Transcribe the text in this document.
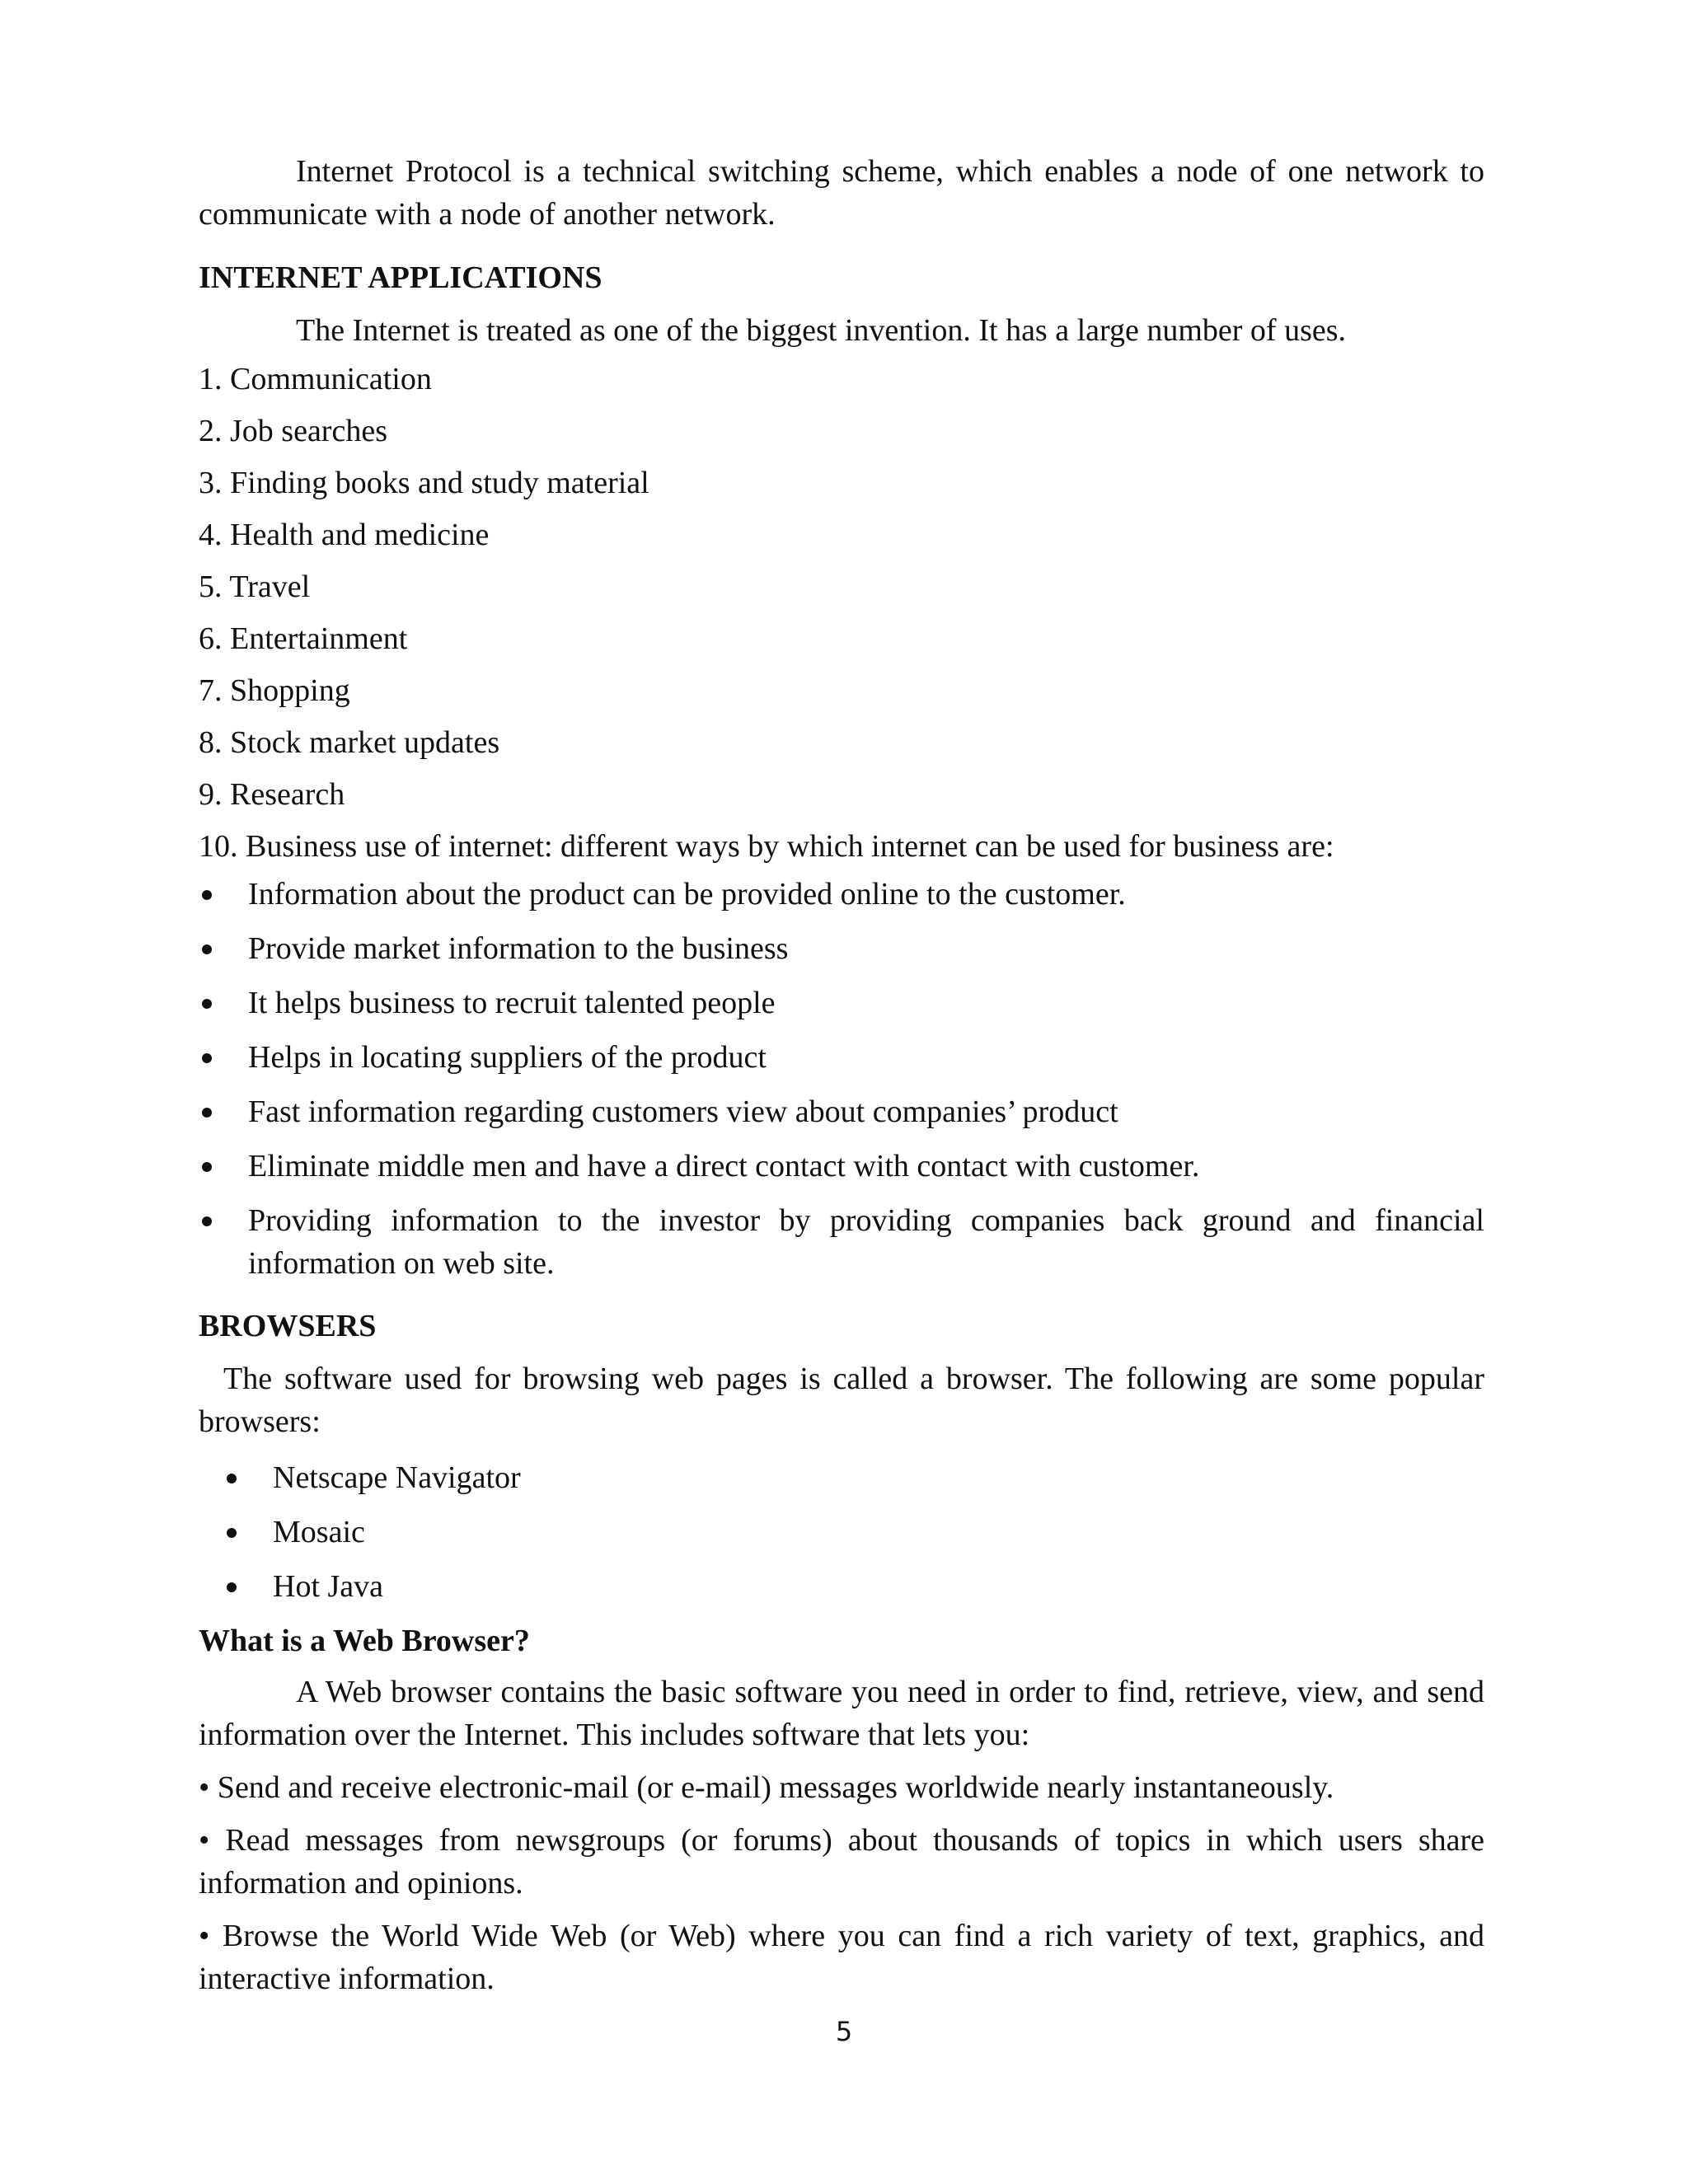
Internet Protocol is a technical switching scheme, which enables a node of one network to communicate with a node of another network.

INTERNET APPLICATIONS

The Internet is treated as one of the biggest invention. It has a large number of uses.

1. Communication

2. Job searches

3. Finding books and study material

4. Health and medicine

5. Travel

6. Entertainment

7. Shopping

8. Stock market updates

9. Research

10. Business use of internet: different ways by which internet can be used for business are:

Information about the product can be provided online to the customer.
Provide market information to the business
It helps business to recruit talented people
Helps in locating suppliers of the product
Fast information regarding customers view about companies’ product
Eliminate middle men and have a direct contact with contact with customer.
Providing information to the investor by providing companies back ground and financial information on web site.

BROWSERS

The software used for browsing web pages is called a browser. The following are some popular browsers:

Netscape Navigator
Mosaic
Hot Java

What is a Web Browser?

A Web browser contains the basic software you need in order to find, retrieve, view, and send information over the Internet. This includes software that lets you:

• Send and receive electronic-mail (or e-mail) messages worldwide nearly instantaneously.

• Read messages from newsgroups (or forums) about thousands of topics in which users share information and opinions.

• Browse the World Wide Web (or Web) where you can find a rich variety of text, graphics, and interactive information.

5
